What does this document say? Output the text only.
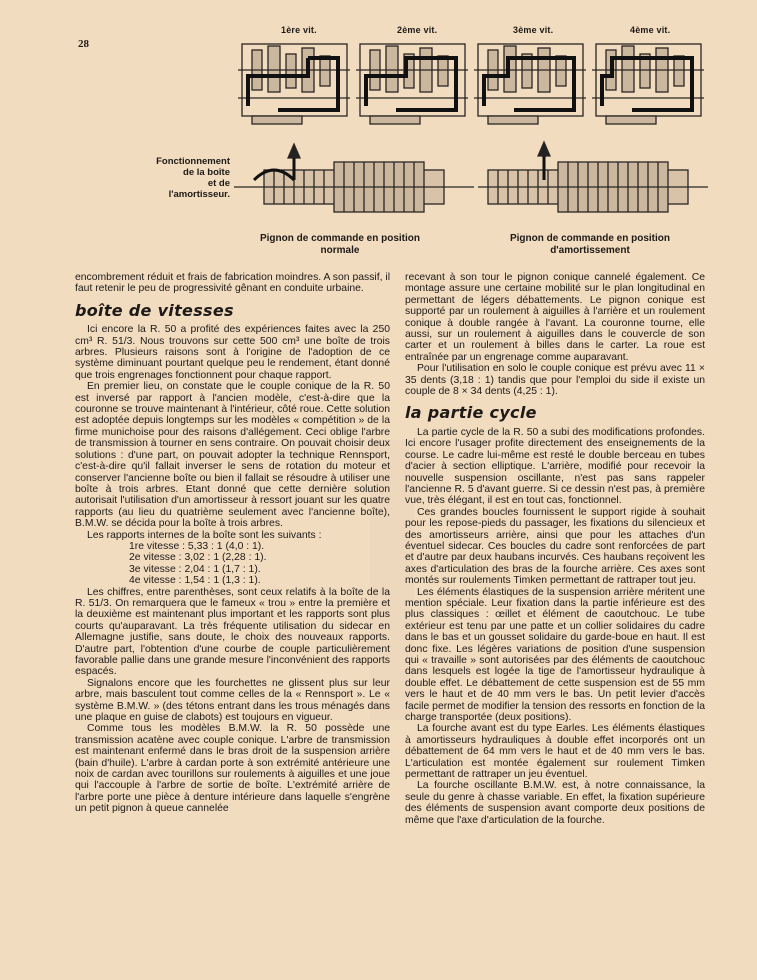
28
1ère vit.	2ème vit.	3ème vit.	4ème vit.
Fonctionnement
de la boîte
et de
l'amortisseur.
Pignon de commande en position
normale
Pignon de commande en position
d'amortissement

encombrement réduit et frais de fabrication moindres. A son passif, il faut retenir le peu de progressivité gênant en conduite urbaine.

boîte de vitesses

Ici encore la R. 50 a profité des expériences faites avec la 250 cm³ R. 51/3. Nous trouvons sur cette 500 cm³ une boîte de trois arbres. Plusieurs raisons sont à l'origine de l'adoption de ce système diminuant pourtant quelque peu le rendement, étant donné que trois engrenages fonctionnent pour chaque rapport.

En premier lieu, on constate que le couple conique de la R. 50 est inversé par rapport à l'ancien modèle, c'est-à-dire que la couronne se trouve maintenant à l'intérieur, côté roue. Cette solution est adoptée depuis longtemps sur les modèles « compétition » de la firme munichoise pour des raisons d'allégement. Ceci oblige l'arbre de transmission à tourner en sens contraire. On pouvait choisir deux solutions : d'une part, on pouvait adopter la technique Rennsport, c'est-à-dire qu'il fallait inverser le sens de rotation du moteur et conserver l'ancienne boîte ou bien il fallait se résoudre à utiliser une boîte à trois arbres. Etant donné que cette dernière solution autorisait l'utilisation d'un amortisseur à ressort jouant sur les quatre rapports (au lieu du quatrième seulement avec l'ancienne boîte), B.M.W. se décida pour la boîte à trois arbres.

Les rapports internes de la boîte sont les suivants :

1re vitesse : 5,33 : 1 (4,0 : 1).
2e vitesse : 3,02 : 1 (2,28 : 1).
3e vitesse : 2,04 : 1 (1,7 : 1).
4e vitesse : 1,54 : 1 (1,3 : 1).

Les chiffres, entre parenthèses, sont ceux relatifs à la boîte de la R. 51/3. On remarquera que le fameux « trou » entre la première et la deuxième est maintenant plus important et les rapports sont plus courts qu'auparavant. La très fréquente utilisation du sidecar en Allemagne justifie, sans doute, le choix des nouveaux rapports. D'autre part, l'obtention d'une courbe de couple particulièrement favorable pallie dans une grande mesure l'inconvénient des rapports espacés.

Signalons encore que les fourchettes ne glissent plus sur leur arbre, mais basculent tout comme celles de la « Rennsport ». Le « système B.M.W. » (des tétons entrant dans les trous ménagés dans une plaque en guise de clabots) est toujours en vigueur.

Comme tous les modèles B.M.W. la R. 50 possède une transmission acatène avec couple conique. L'arbre de transmission est maintenant enfermé dans le bras droit de la suspension arrière (bain d'huile). L'arbre à cardan porte à son extrémité antérieure une noix de cardan avec tourillons sur roulements à aiguilles et une joue qui l'accouple à l'arbre de sortie de boîte. L'extrémité arrière de l'arbre porte une pièce à denture intérieure dans laquelle s'engrène un petit pignon à queue cannelée

recevant à son tour le pignon conique cannelé également. Ce montage assure une certaine mobilité sur le plan longitudinal en permettant de légers débattements. Le pignon conique est supporté par un roulement à aiguilles à l'arrière et un roulement conique à double rangée à l'avant. La couronne tourne, elle aussi, sur un roulement à aiguilles dans le couvercle de son carter et un roulement à billes dans le carter. La roue est entraînée par un engrenage comme auparavant.

Pour l'utilisation en solo le couple conique est prévu avec 11 × 35 dents (3,18 : 1) tandis que pour l'emploi du side il existe un couple de 8 × 34 dents (4,25 : 1).

la partie cycle

La partie cycle de la R. 50 a subi des modifications profondes. Ici encore l'usager profite directement des enseignements de la course. Le cadre lui-même est resté le double berceau en tubes d'acier à section elliptique. L'arrière, modifié pour recevoir la nouvelle suspension oscillante, n'est pas sans rappeler l'ancienne R. 5 d'avant guerre. Si ce dessin n'est pas, à première vue, très élégant, il est en tout cas, fonctionnel.

Ces grandes boucles fournissent le support rigide à souhait pour les repose-pieds du passager, les fixations du silencieux et des amortisseurs arrière, ainsi que pour les attaches d'un éventuel sidecar. Ces boucles du cadre sont renforcées de part et d'autre par deux haubans incurvés. Ces haubans reçoivent les axes d'articulation des bras de la fourche arrière. Ces axes sont montés sur roulements Timken permettant de rattraper tout jeu.

Les éléments élastiques de la suspension arrière méritent une mention spéciale. Leur fixation dans la partie inférieure est des plus classiques : œillet et élément de caoutchouc. Le tube extérieur est tenu par une patte et un collier solidaires du cadre dans le bas et un gousset solidaire du garde-boue en haut. Il est donc fixe. Les légères variations de position d'une suspension qui « travaille » sont autorisées par des éléments de caoutchouc dans lesquels est logée la tige de l'amortisseur hydraulique à double effet. Le débattement de cette suspension est de 55 mm vers le haut et de 40 mm vers le bas. Un petit levier d'accès facile permet de modifier la tension des ressorts en fonction de la charge transportée (deux positions).

La fourche avant est du type Earles. Les éléments élastiques à amortisseurs hydrauliques à double effet incorporés ont un débattement de 64 mm vers le haut et de 40 mm vers le bas. L'articulation est montée également sur roulement Timken permettant de rattraper un jeu éventuel.

La fourche oscillante B.M.W. est, à notre connaissance, la seule du genre à chasse variable. En effet, la fixation supérieure des éléments de suspension avant comporte deux positions de même que l'axe d'articulation de la fourche.
